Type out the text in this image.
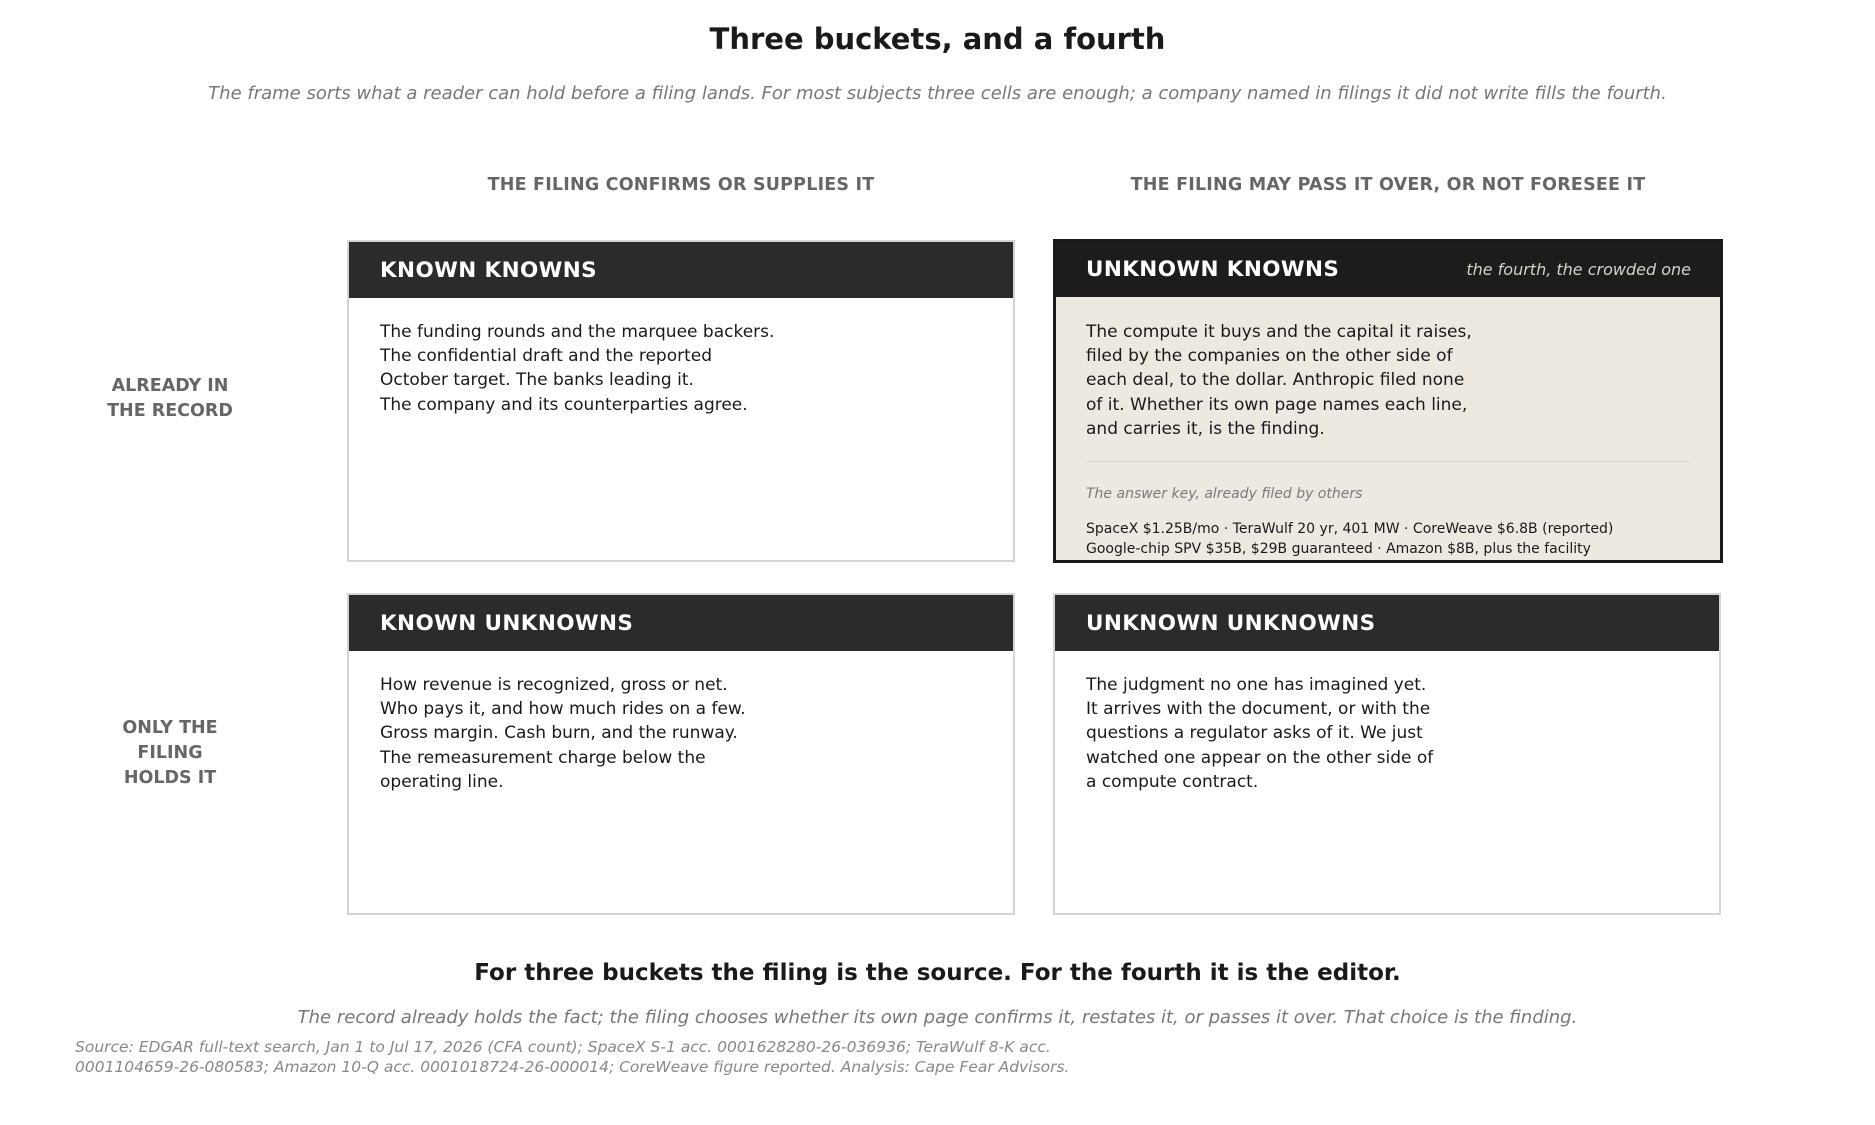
Three buckets, and a fourth
The frame sorts what a reader can hold before a filing lands. For most subjects three cells are enough; a company named in filings it did not write fills the fourth.
THE FILING CONFIRMS OR SUPPLIES IT	THE FILING MAY PASS IT OVER, OR NOT FORESEE IT
ALREADY IN
THE RECORD
ONLY THE
FILING
HOLDS IT
KNOWN KNOWNS
The funding rounds and the marquee backers.
The confidential draft and the reported
October target. The banks leading it.
The company and its counterparties agree.
UNKNOWN KNOWNS	the fourth, the crowded one
The compute it buys and the capital it raises,
filed by the companies on the other side of
each deal, to the dollar. Anthropic filed none
of it. Whether its own page names each line,
and carries it, is the finding.
The answer key, already filed by others
SpaceX $1.25B/mo · TeraWulf 20 yr, 401 MW · CoreWeave $6.8B (reported)
Google-chip SPV $35B, $29B guaranteed · Amazon $8B, plus the facility
KNOWN UNKNOWNS
How revenue is recognized, gross or net.
Who pays it, and how much rides on a few.
Gross margin. Cash burn, and the runway.
The remeasurement charge below the
operating line.
UNKNOWN UNKNOWNS
The judgment no one has imagined yet.
It arrives with the document, or with the
questions a regulator asks of it. We just
watched one appear on the other side of
a compute contract.
For three buckets the filing is the source. For the fourth it is the editor.
The record already holds the fact; the filing chooses whether its own page confirms it, restates it, or passes it over. That choice is the finding.
Source: EDGAR full-text search, Jan 1 to Jul 17, 2026 (CFA count); SpaceX S-1 acc. 0001628280-26-036936; TeraWulf 8-K acc.
0001104659-26-080583; Amazon 10-Q acc. 0001018724-26-000014; CoreWeave figure reported. Analysis: Cape Fear Advisors.
